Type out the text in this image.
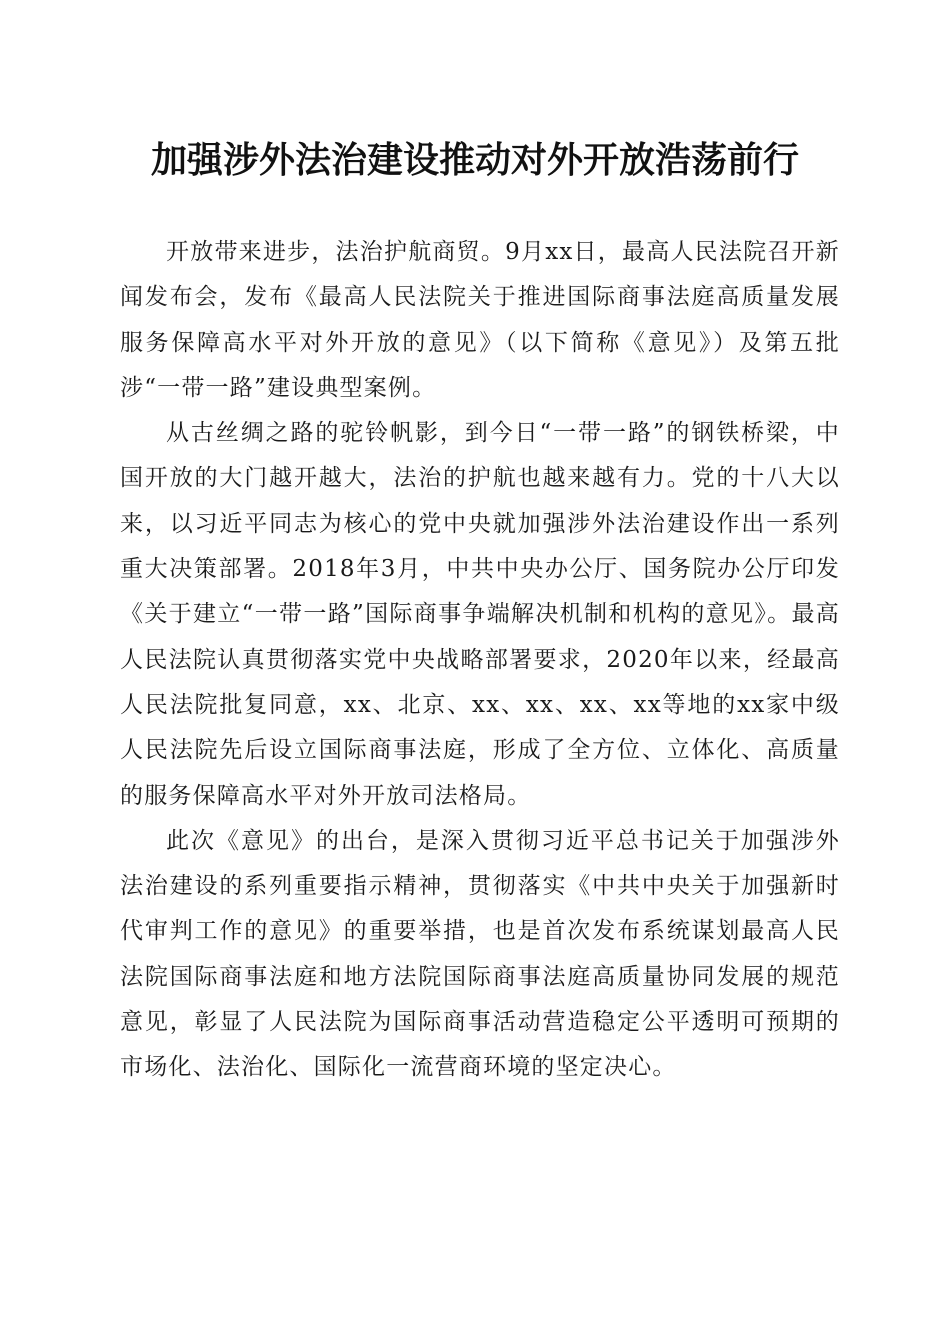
加强涉外法治建设推动对外开放浩荡前行

开放带来进步，法治护航商贸。9月xx日，最高人民法院召开新闻发布会，发布《最高人民法院关于推进国际商事法庭高质量发展服务保障高水平对外开放的意见》（以下简称《意见》）及第五批涉“一带一路”建设典型案例。

从古丝绸之路的驼铃帆影，到今日“一带一路”的钢铁桥梁，中国开放的大门越开越大，法治的护航也越来越有力。党的十八大以来，以习近平同志为核心的党中央就加强涉外法治建设作出一系列重大决策部署。2018年3月，中共中央办公厅、国务院办公厅印发《关于建立“一带一路”国际商事争端解决机制和机构的意见》。最高人民法院认真贯彻落实党中央战略部署要求，2020年以来，经最高人民法院批复同意，xx、北京、xx、xx、xx、xx等地的xx家中级人民法院先后设立国际商事法庭，形成了全方位、立体化、高质量的服务保障高水平对外开放司法格局。

此次《意见》的出台，是深入贯彻习近平总书记关于加强涉外法治建设的系列重要指示精神，贯彻落实《中共中央关于加强新时代审判工作的意见》的重要举措，也是首次发布系统谋划最高人民法院国际商事法庭和地方法院国际商事法庭高质量协同发展的规范意见，彰显了人民法院为国际商事活动营造稳定公平透明可预期的市场化、法治化、国际化一流营商环境的坚定决心。
